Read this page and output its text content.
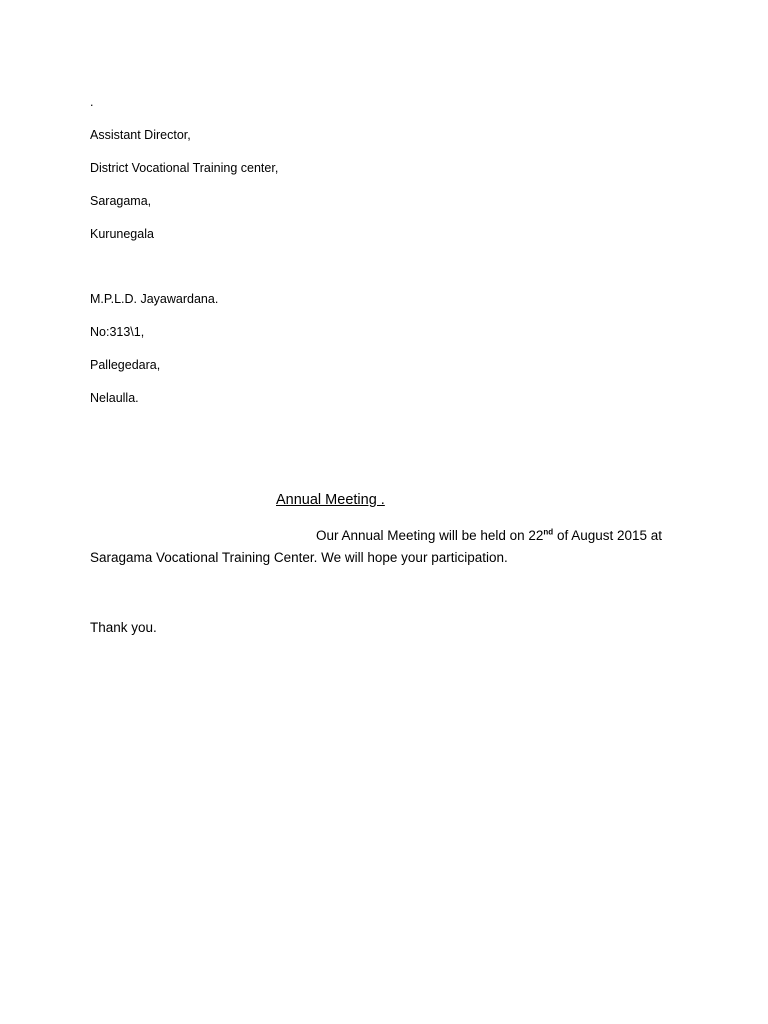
.
Assistant Director,
District Vocational Training center,
Saragama,
Kurunegala
M.P.L.D. Jayawardana.
No:313\1,
Pallegedara,
Nelaulla.
Annual Meeting .
Our Annual Meeting will be held on 22nd of August 2015 at
Saragama Vocational Training Center. We will hope your participation.
Thank you.
